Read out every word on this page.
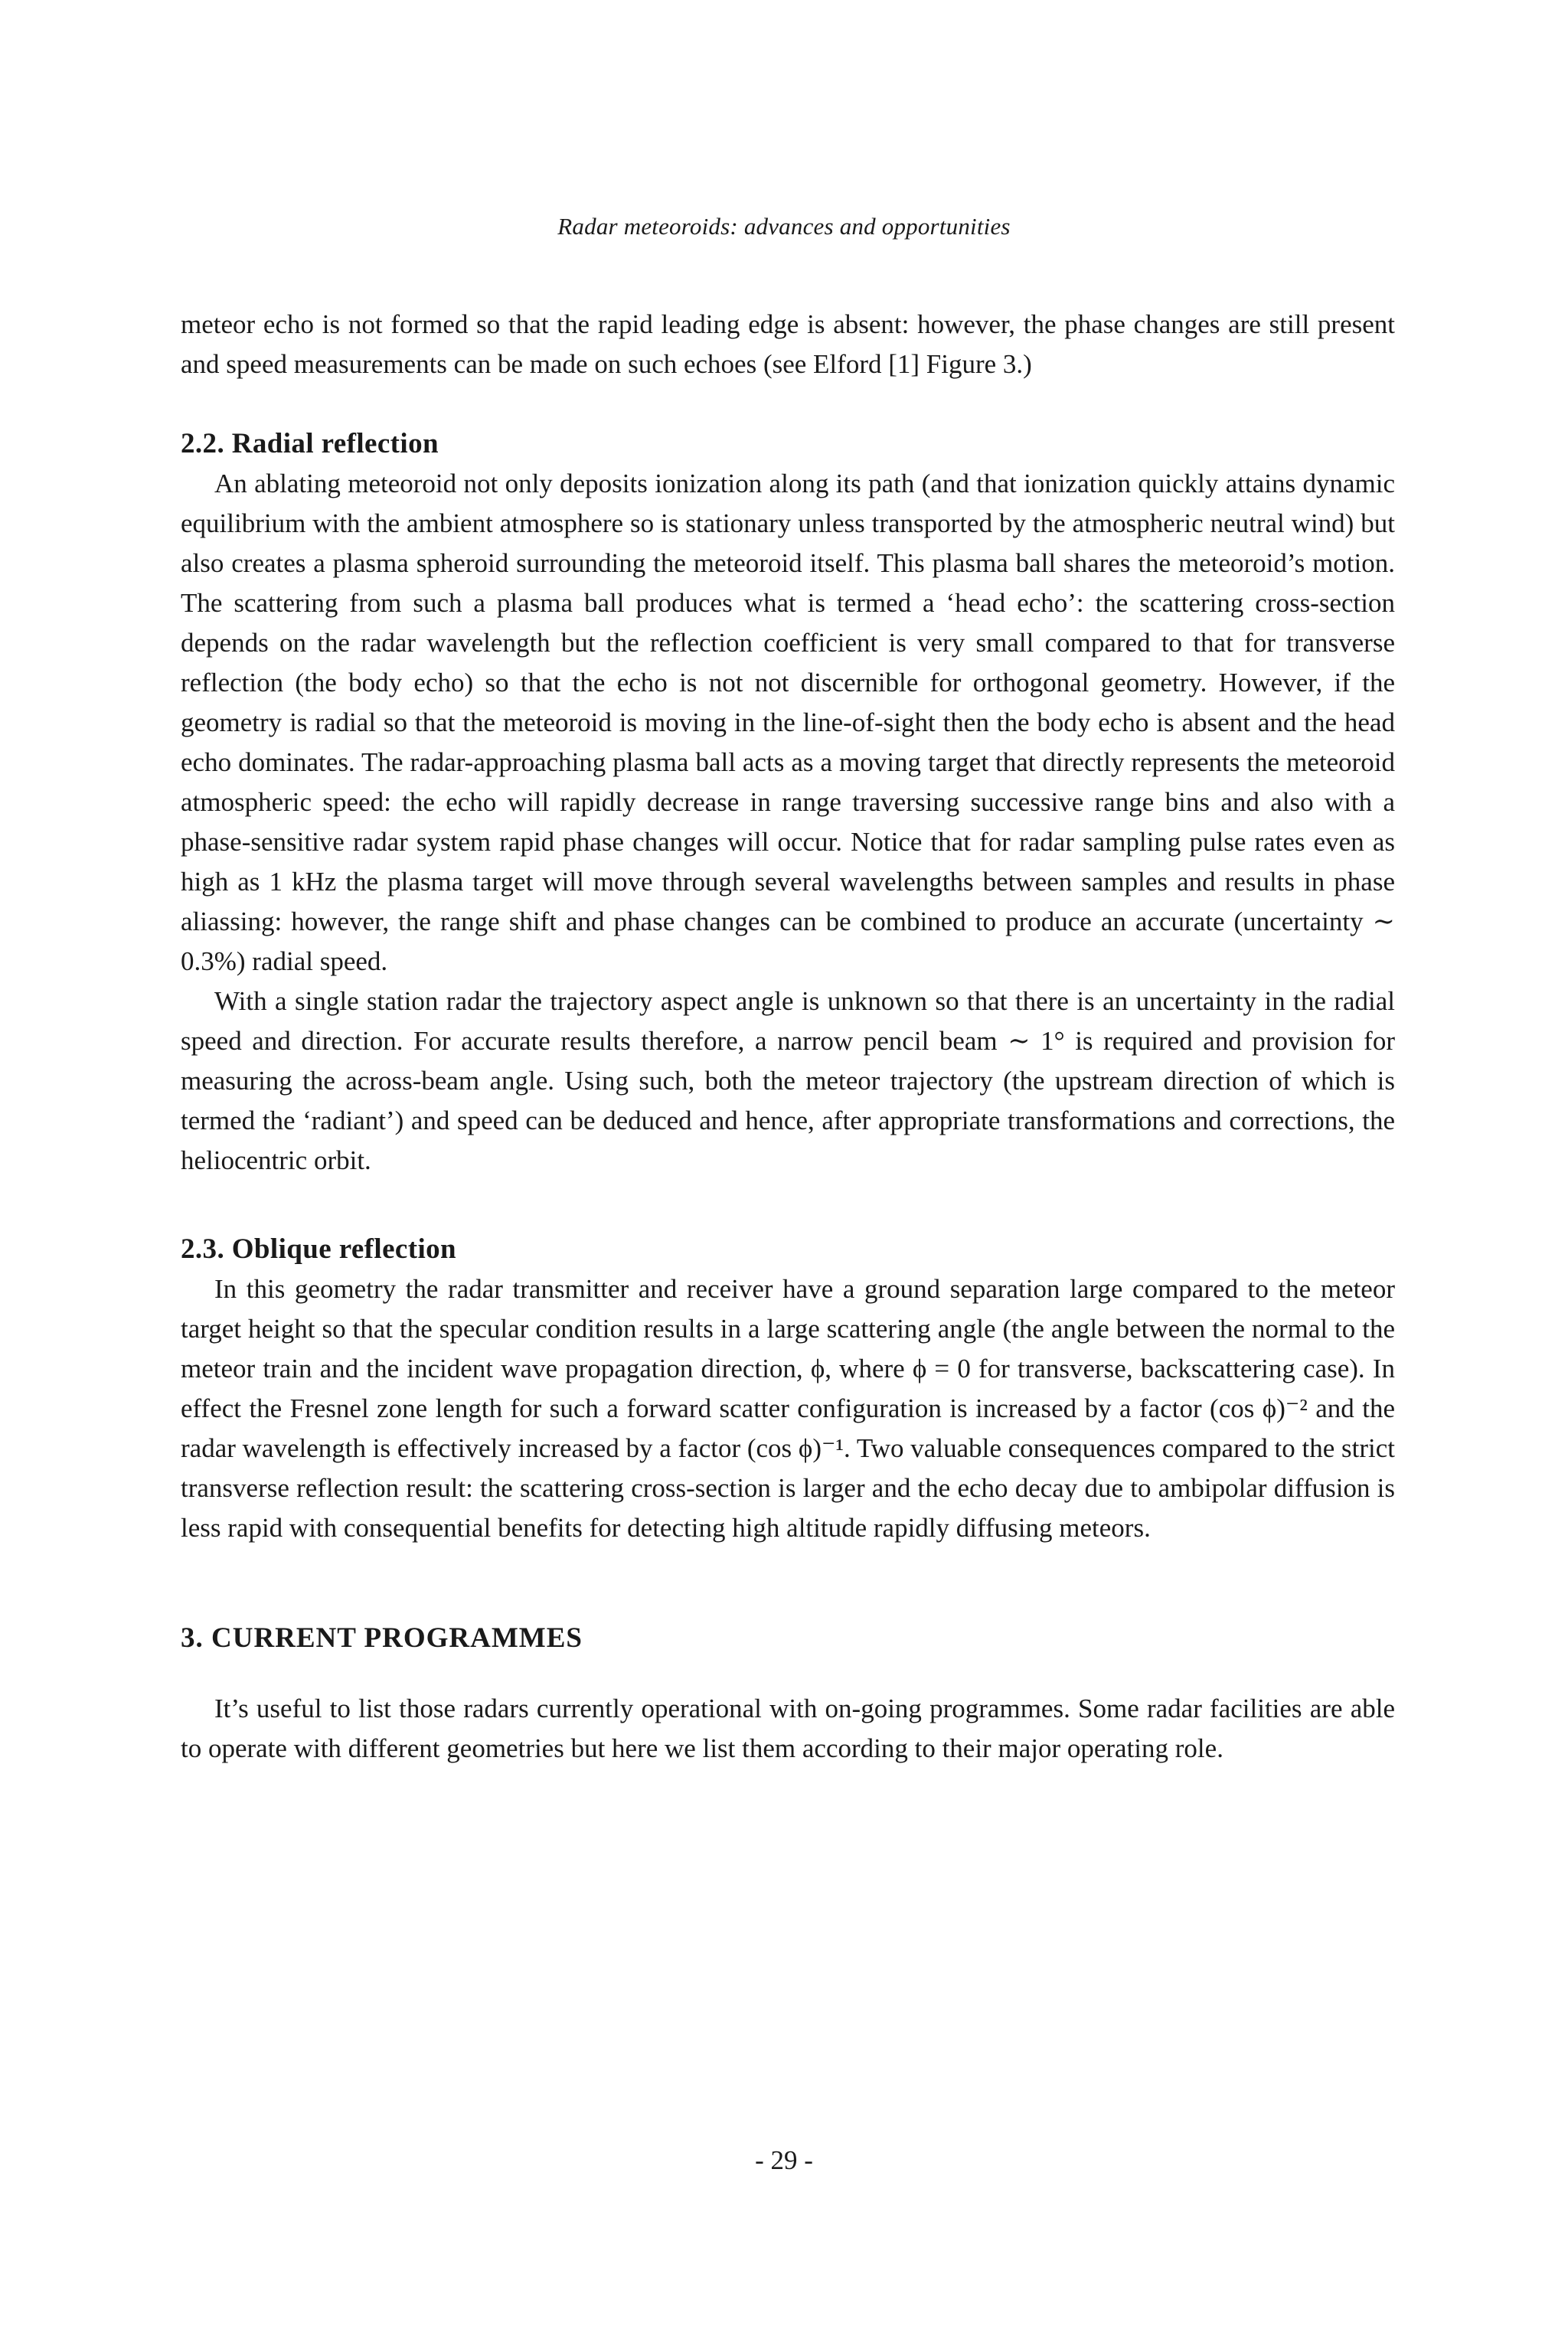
Radar meteoroids: advances and opportunities

meteor echo is not formed so that the rapid leading edge is absent: however, the phase changes are still present and speed measurements can be made on such echoes (see Elford [1] Figure 3.)

2.2. Radial reflection

An ablating meteoroid not only deposits ionization along its path (and that ionization quickly attains dynamic equilibrium with the ambient atmosphere so is stationary unless transported by the atmospheric neutral wind) but also creates a plasma spheroid surrounding the meteoroid itself. This plasma ball shares the meteoroid’s motion. The scattering from such a plasma ball produces what is termed a ‘head echo’: the scattering cross-section depends on the radar wavelength but the reflection coefficient is very small compared to that for transverse reflection (the body echo) so that the echo is not not discernible for orthogonal geometry. However, if the geometry is radial so that the meteoroid is moving in the line-of-sight then the body echo is absent and the head echo dominates. The radar-approaching plasma ball acts as a moving target that directly represents the meteoroid atmospheric speed: the echo will rapidly decrease in range traversing successive range bins and also with a phase-sensitive radar system rapid phase changes will occur. Notice that for radar sampling pulse rates even as high as 1 kHz the plasma target will move through several wavelengths between samples and results in phase aliassing: however, the range shift and phase changes can be combined to produce an accurate (uncertainty ∼ 0.3%) radial speed.

With a single station radar the trajectory aspect angle is unknown so that there is an uncertainty in the radial speed and direction. For accurate results therefore, a narrow pencil beam ∼ 1° is required and provision for measuring the across-beam angle. Using such, both the meteor trajectory (the upstream direction of which is termed the ‘radiant’) and speed can be deduced and hence, after appropriate transformations and corrections, the heliocentric orbit.

2.3. Oblique reflection

In this geometry the radar transmitter and receiver have a ground separation large compared to the meteor target height so that the specular condition results in a large scattering angle (the angle between the normal to the meteor train and the incident wave propagation direction, ϕ, where ϕ = 0 for transverse, backscattering case). In effect the Fresnel zone length for such a forward scatter configuration is increased by a factor (cos ϕ)⁻² and the radar wavelength is effectively increased by a factor (cos ϕ)⁻¹. Two valuable consequences compared to the strict transverse reflection result: the scattering cross-section is larger and the echo decay due to ambipolar diffusion is less rapid with consequential benefits for detecting high altitude rapidly diffusing meteors.

3. CURRENT PROGRAMMES

It’s useful to list those radars currently operational with on-going programmes. Some radar facilities are able to operate with different geometries but here we list them according to their major operating role.

- 29 -
